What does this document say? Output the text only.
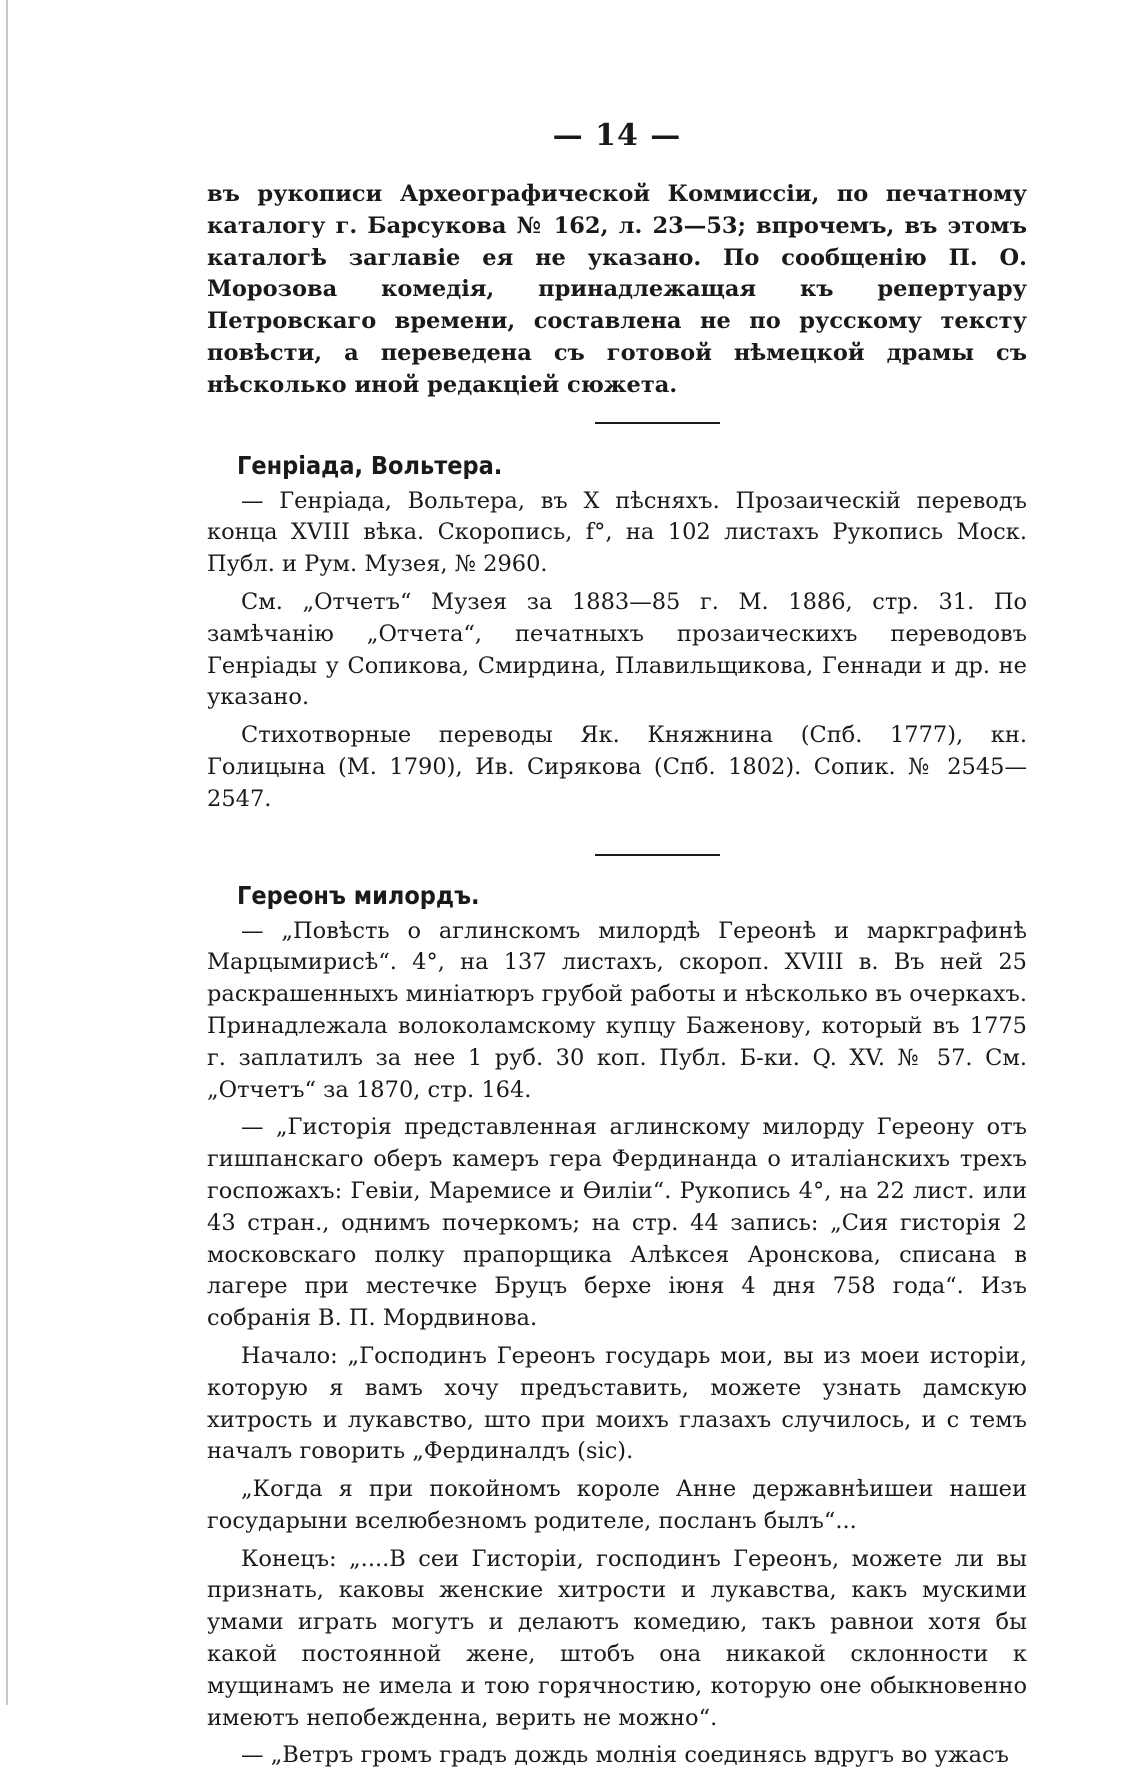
— 14 —

въ рукописи Археографической Коммиссіи, по печатному каталогу г. Барсукова № 162, л. 23—53; впрочемъ, въ этомъ каталогѣ заглавіе ея не указано. По сообщенію П. О. Морозова комедія, принадлежащая къ репертуару Петровскаго времени, составлена не по русскому тексту повѣсти, а переведена съ готовой нѣмецкой драмы съ нѣсколько иной редакціей сюжета.

Генріада, Вольтера.

— Генріада, Вольтера, въ X пѣсняхъ. Прозаическій переводъ конца XVIII вѣка. Скоропись, f°, на 102 листахъ Рукопись Моск. Публ. и Рум. Музея, № 2960.

См. „Отчетъ“ Музея за 1883—85 г. М. 1886, стр. 31. По замѣчанію „Отчета“, печатныхъ прозаическихъ переводовъ Генріады у Сопикова, Смирдина, Плавильщикова, Геннади и др. не указано.

Стихотворные переводы Як. Княжнина (Спб. 1777), кн. Голицына (М. 1790), Ив. Сирякова (Спб. 1802). Сопик. № 2545—2547.

Гереонъ милордъ.

— „Повѣсть о аглинскомъ милордѣ Гереонѣ и маркграфинѣ Марцымирисѣ“. 4°, на 137 листахъ, скороп. XVIII в. Въ ней 25 раскрашенныхъ миніатюръ грубой работы и нѣсколько въ очеркахъ. Принадлежала волоколамскому купцу Баженову, который въ 1775 г. заплатилъ за нее 1 руб. 30 коп. Публ. Б-ки. Q. XV. № 57. См. „Отчетъ“ за 1870, стр. 164.

— „Гисторія представленная аглинскому милорду Гереону отъ гишпанскаго оберъ камеръ гера Фердинанда о италіанскихъ трехъ госпожахъ: Гевіи, Маремисе и Өиліи“. Рукопись 4°, на 22 лист. или 43 стран., однимъ почеркомъ; на стр. 44 запись: „Сия гисторія 2 московскаго полку прапорщика Алѣксея Аронскова, списана в лагере при местечке Бруцъ берхе іюня 4 дня 758 года“. Изъ собранія В. П. Мордвинова.

Начало: „Господинъ Гереонъ государь мои, вы из моеи исторіи, которую я вамъ хочу предъставить, можете узнать дамскую хитрость и лукавство, што при моихъ глазахъ случилось, и с темъ началъ говорить „Фердиналдъ (sic).

„Когда я при покойномъ короле Анне державнѣишеи нашеи государыни вселюбезномъ родителе, посланъ былъ“...

Конецъ: „....В сеи Гисторіи, господинъ Гереонъ, можете ли вы признать, каковы женские хитрости и лукавства, какъ мускими умами играть могутъ и делаютъ комедию, такъ равнои хотя бы какой постоянной жене, штобъ она никакой склонности к мущинамъ не имела и тою горячностию, которую оне обыкновенно имеютъ непобежденна, верить не можно“.

— „Ветръ громъ градъ дождь молнія соединясь вдругъ во ужасъ
